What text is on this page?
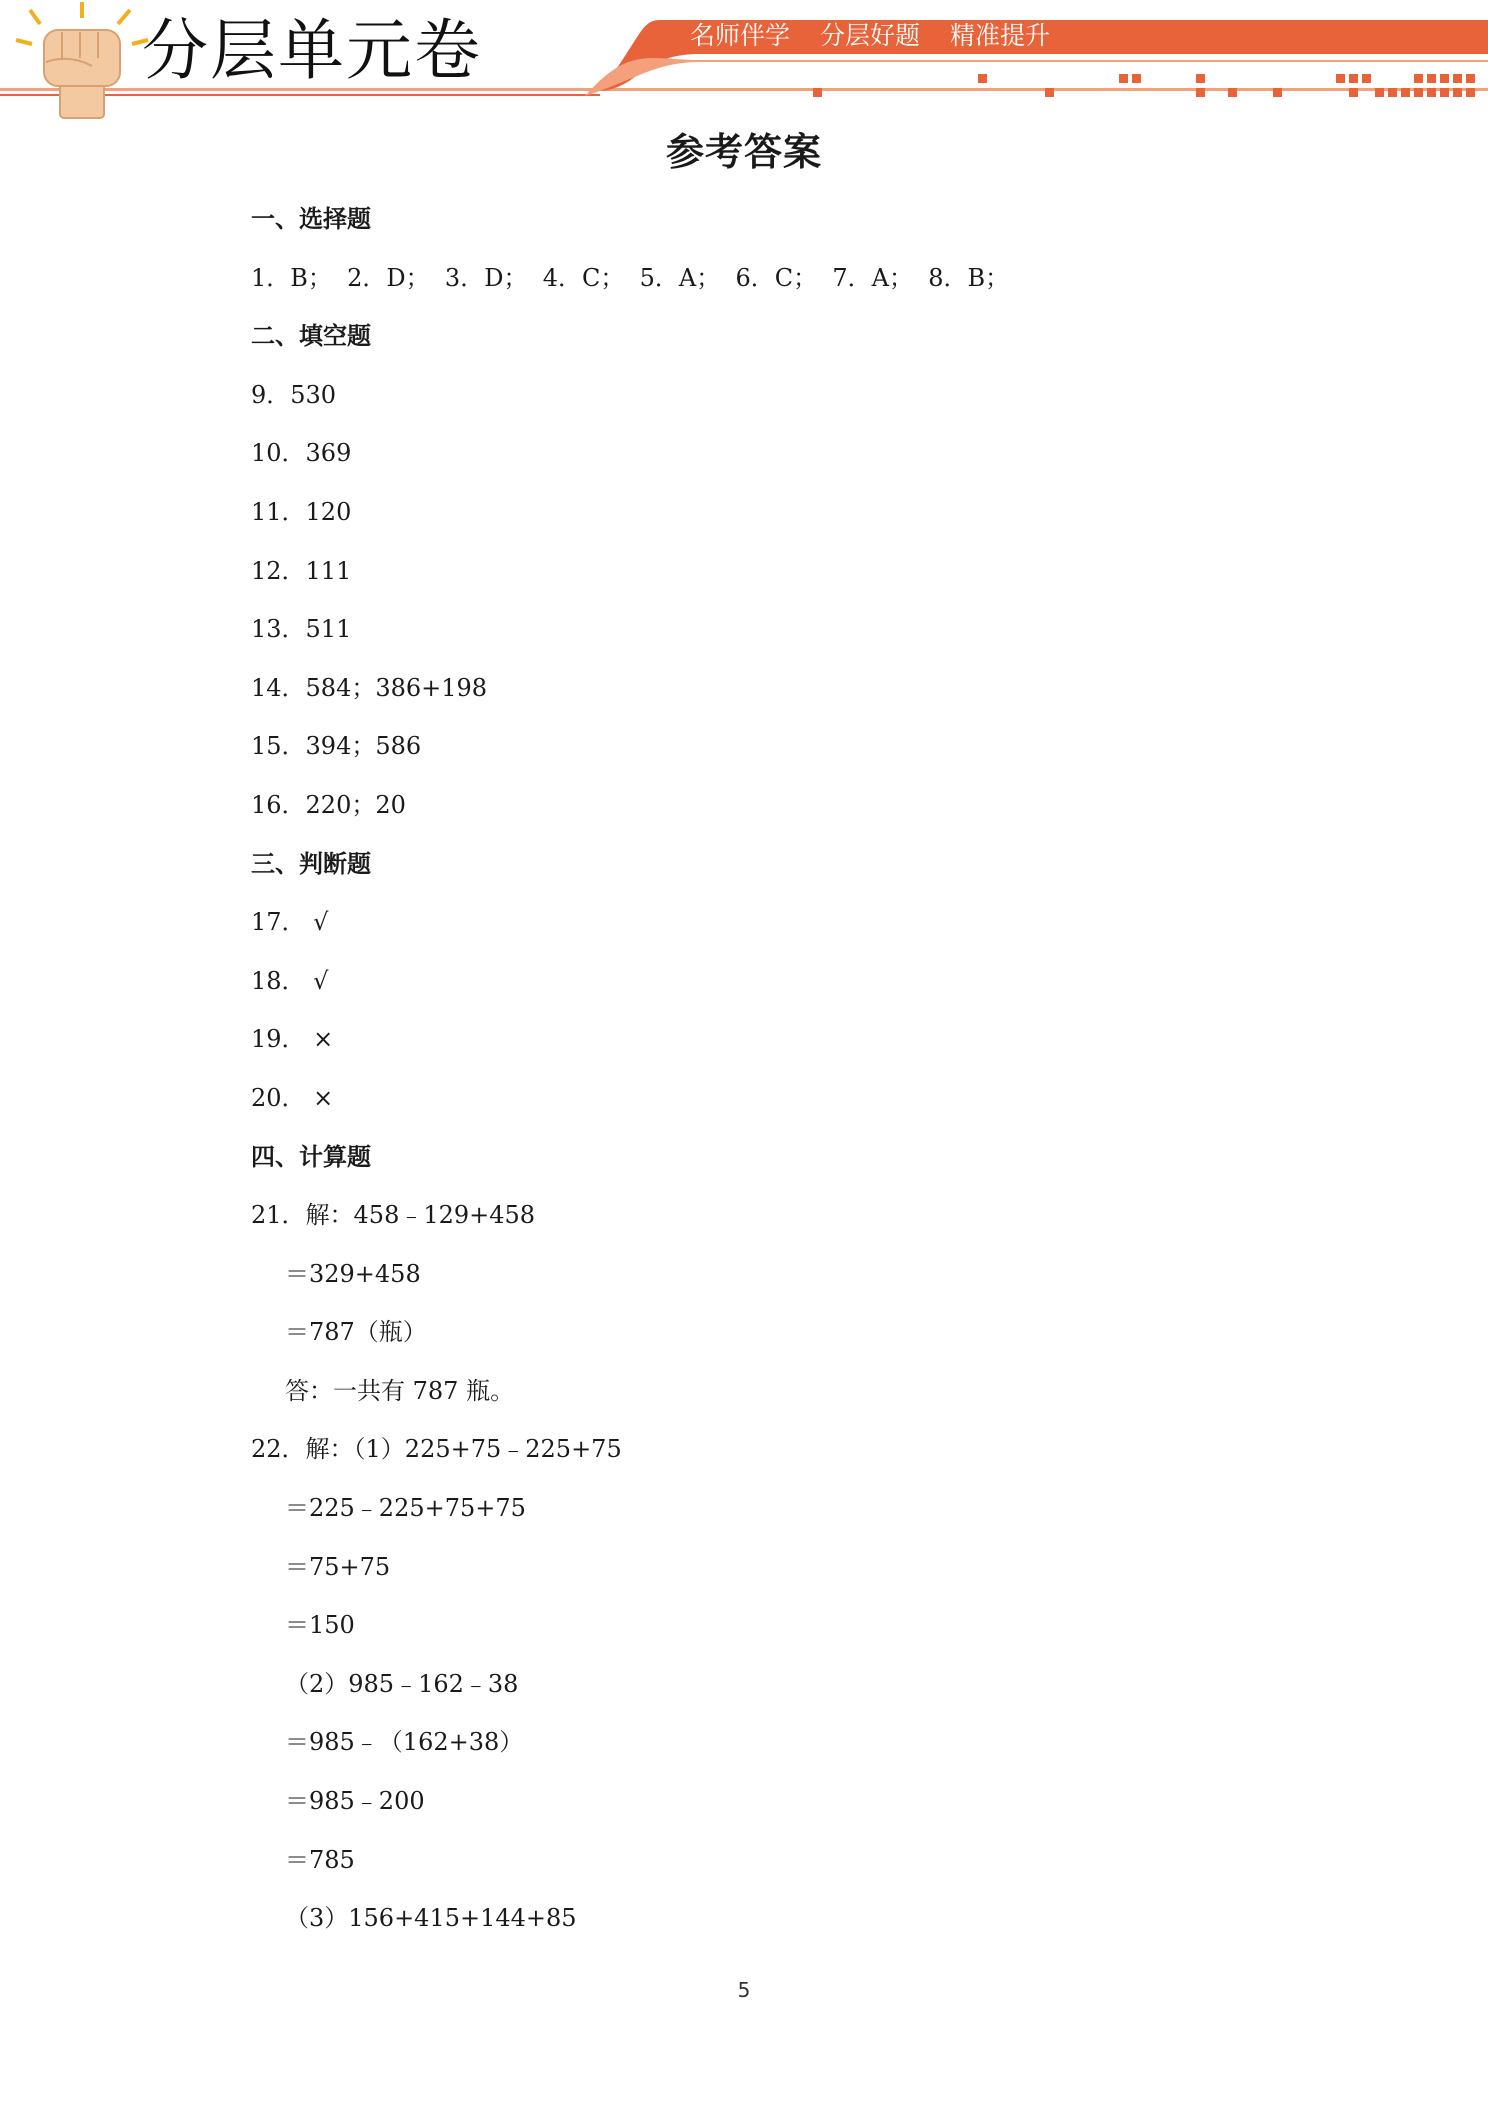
分层单元卷	名师伴学 分层好题 精准提升
参考答案
一、选择题
1．B；  2．D；  3．D；  4．C；  5．A；  6．C；  7．A；  8．B；
二、填空题
9．530
10．369
11．120
12．111
13．511
14．584；386+198
15．394；586
16．220；20
三、判断题
17． √
18． √
19． ×
20． ×
四、计算题
21．解：458﹣129+458
＝329+458
＝787（瓶）
答：一共有 787 瓶。
22．解：（1）225+75﹣225+75
＝225﹣225+75+75
＝75+75
＝150
（2）985﹣162﹣38
＝985﹣（162+38）
＝985﹣200
＝785
（3）156+415+144+85
5
